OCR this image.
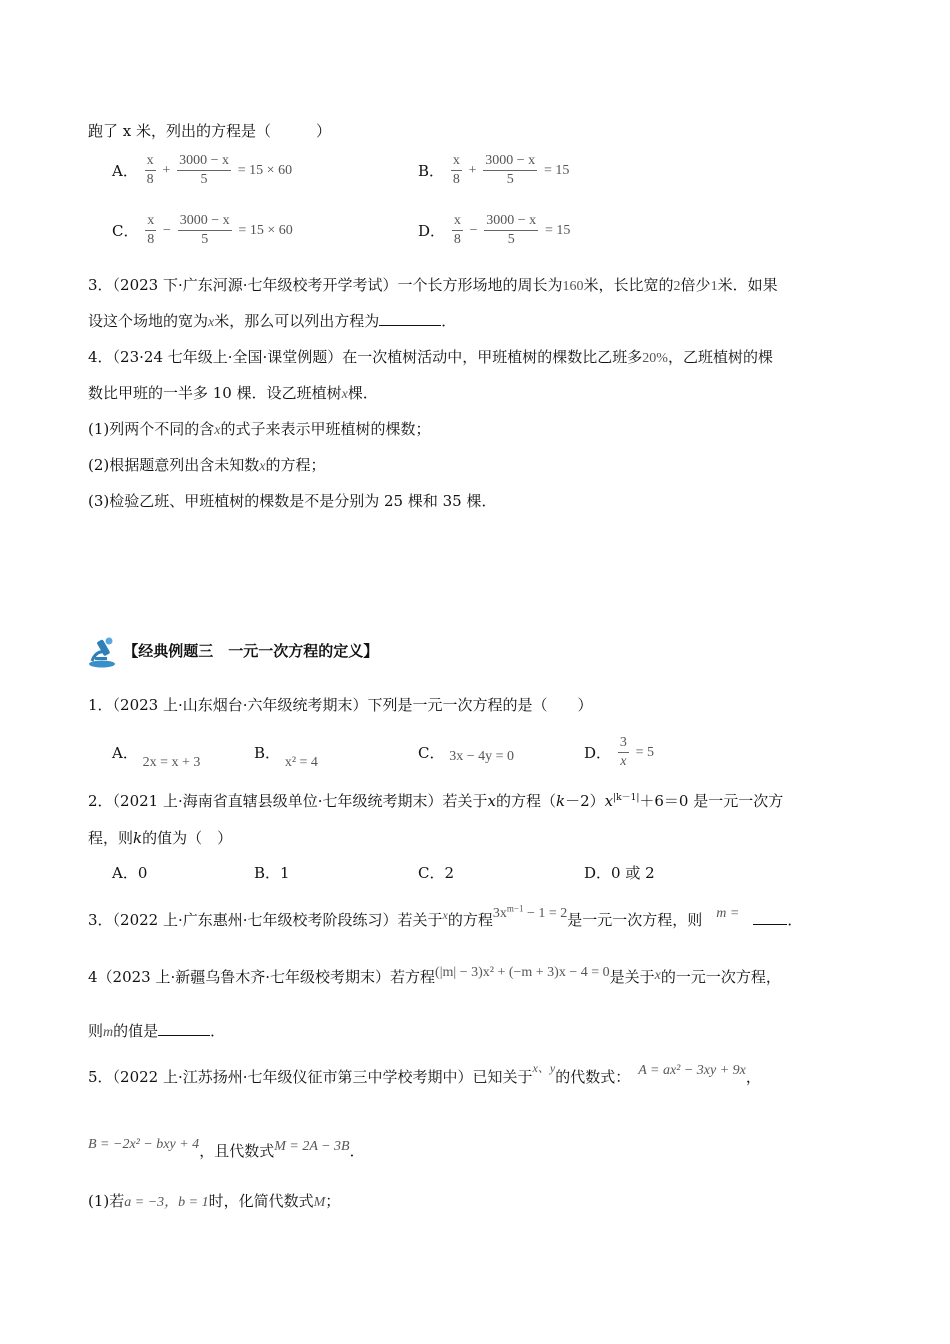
跑了 x 米，列出的方程是（　　　）
A． $\frac{x}{8} + \frac{3000 - x}{5} = 15 \times 60$	B． $\frac{x}{8} + \frac{3000 - x}{5} = 15$
C． $\frac{x}{8} - \frac{3000 - x}{5} = 15 \times 60$	D． $\frac{x}{8} - \frac{3000 - x}{5} = 15$
3．（2023 下·广东河源·七年级校考开学考试）一个长方形场地的周长为160米，长比宽的2倍少1米．如果
设这个场地的宽为x米，那么可以列出方程为	．
4．（23·24 七年级上·全国·课堂例题）在一次植树活动中，甲班植树的棵数比乙班多20%，乙班植树的棵
数比甲班的一半多 10 棵．设乙班植树x棵．
(1)列两个不同的含x的式子来表示甲班植树的棵数；
(2)根据题意列出含未知数x的方程；
(3)检验乙班、甲班植树的棵数是不是分别为 25 棵和 35 棵．
【经典例题三　一元一次方程的定义】
1．（2023 上·山东烟台·六年级统考期末）下列是一元一次方程的是（　　）
A． 2x = x + 3
B． x² = 4
C． 3x − 4y = 0	D． $\frac{3}{x} = 5$
2．（2021 上·海南省直辖县级单位·七年级统考期末）若关于x的方程$(k-2)x^{|k-1|}+6=0$ 是一元一次方
程，则k的值为（　）
A．0	B．1	C．2	D．0 或 2
3．（2022 上·广东惠州·七年级校考阶段练习）若关于$^x$的方程$3x^{m-1} - 1 = 2$是一元一次方程，则 m =	．
4（2023 上·新疆乌鲁木齐·七年级校考期末）若方程(|m| − 3)x² + (−m + 3)x − 4 = 0是关于x的一元一次方程，
则m的值是	．
5．（2022 上·江苏扬州·七年级仪征市第三中学校考期中）已知关于$^{x、y}$的代数式： A = ax² − 3xy + 9x，
B = −2x² − bxy + 4，且代数式M = 2A − 3B．
(1)若a = −3，b = 1时，化简代数式M；
